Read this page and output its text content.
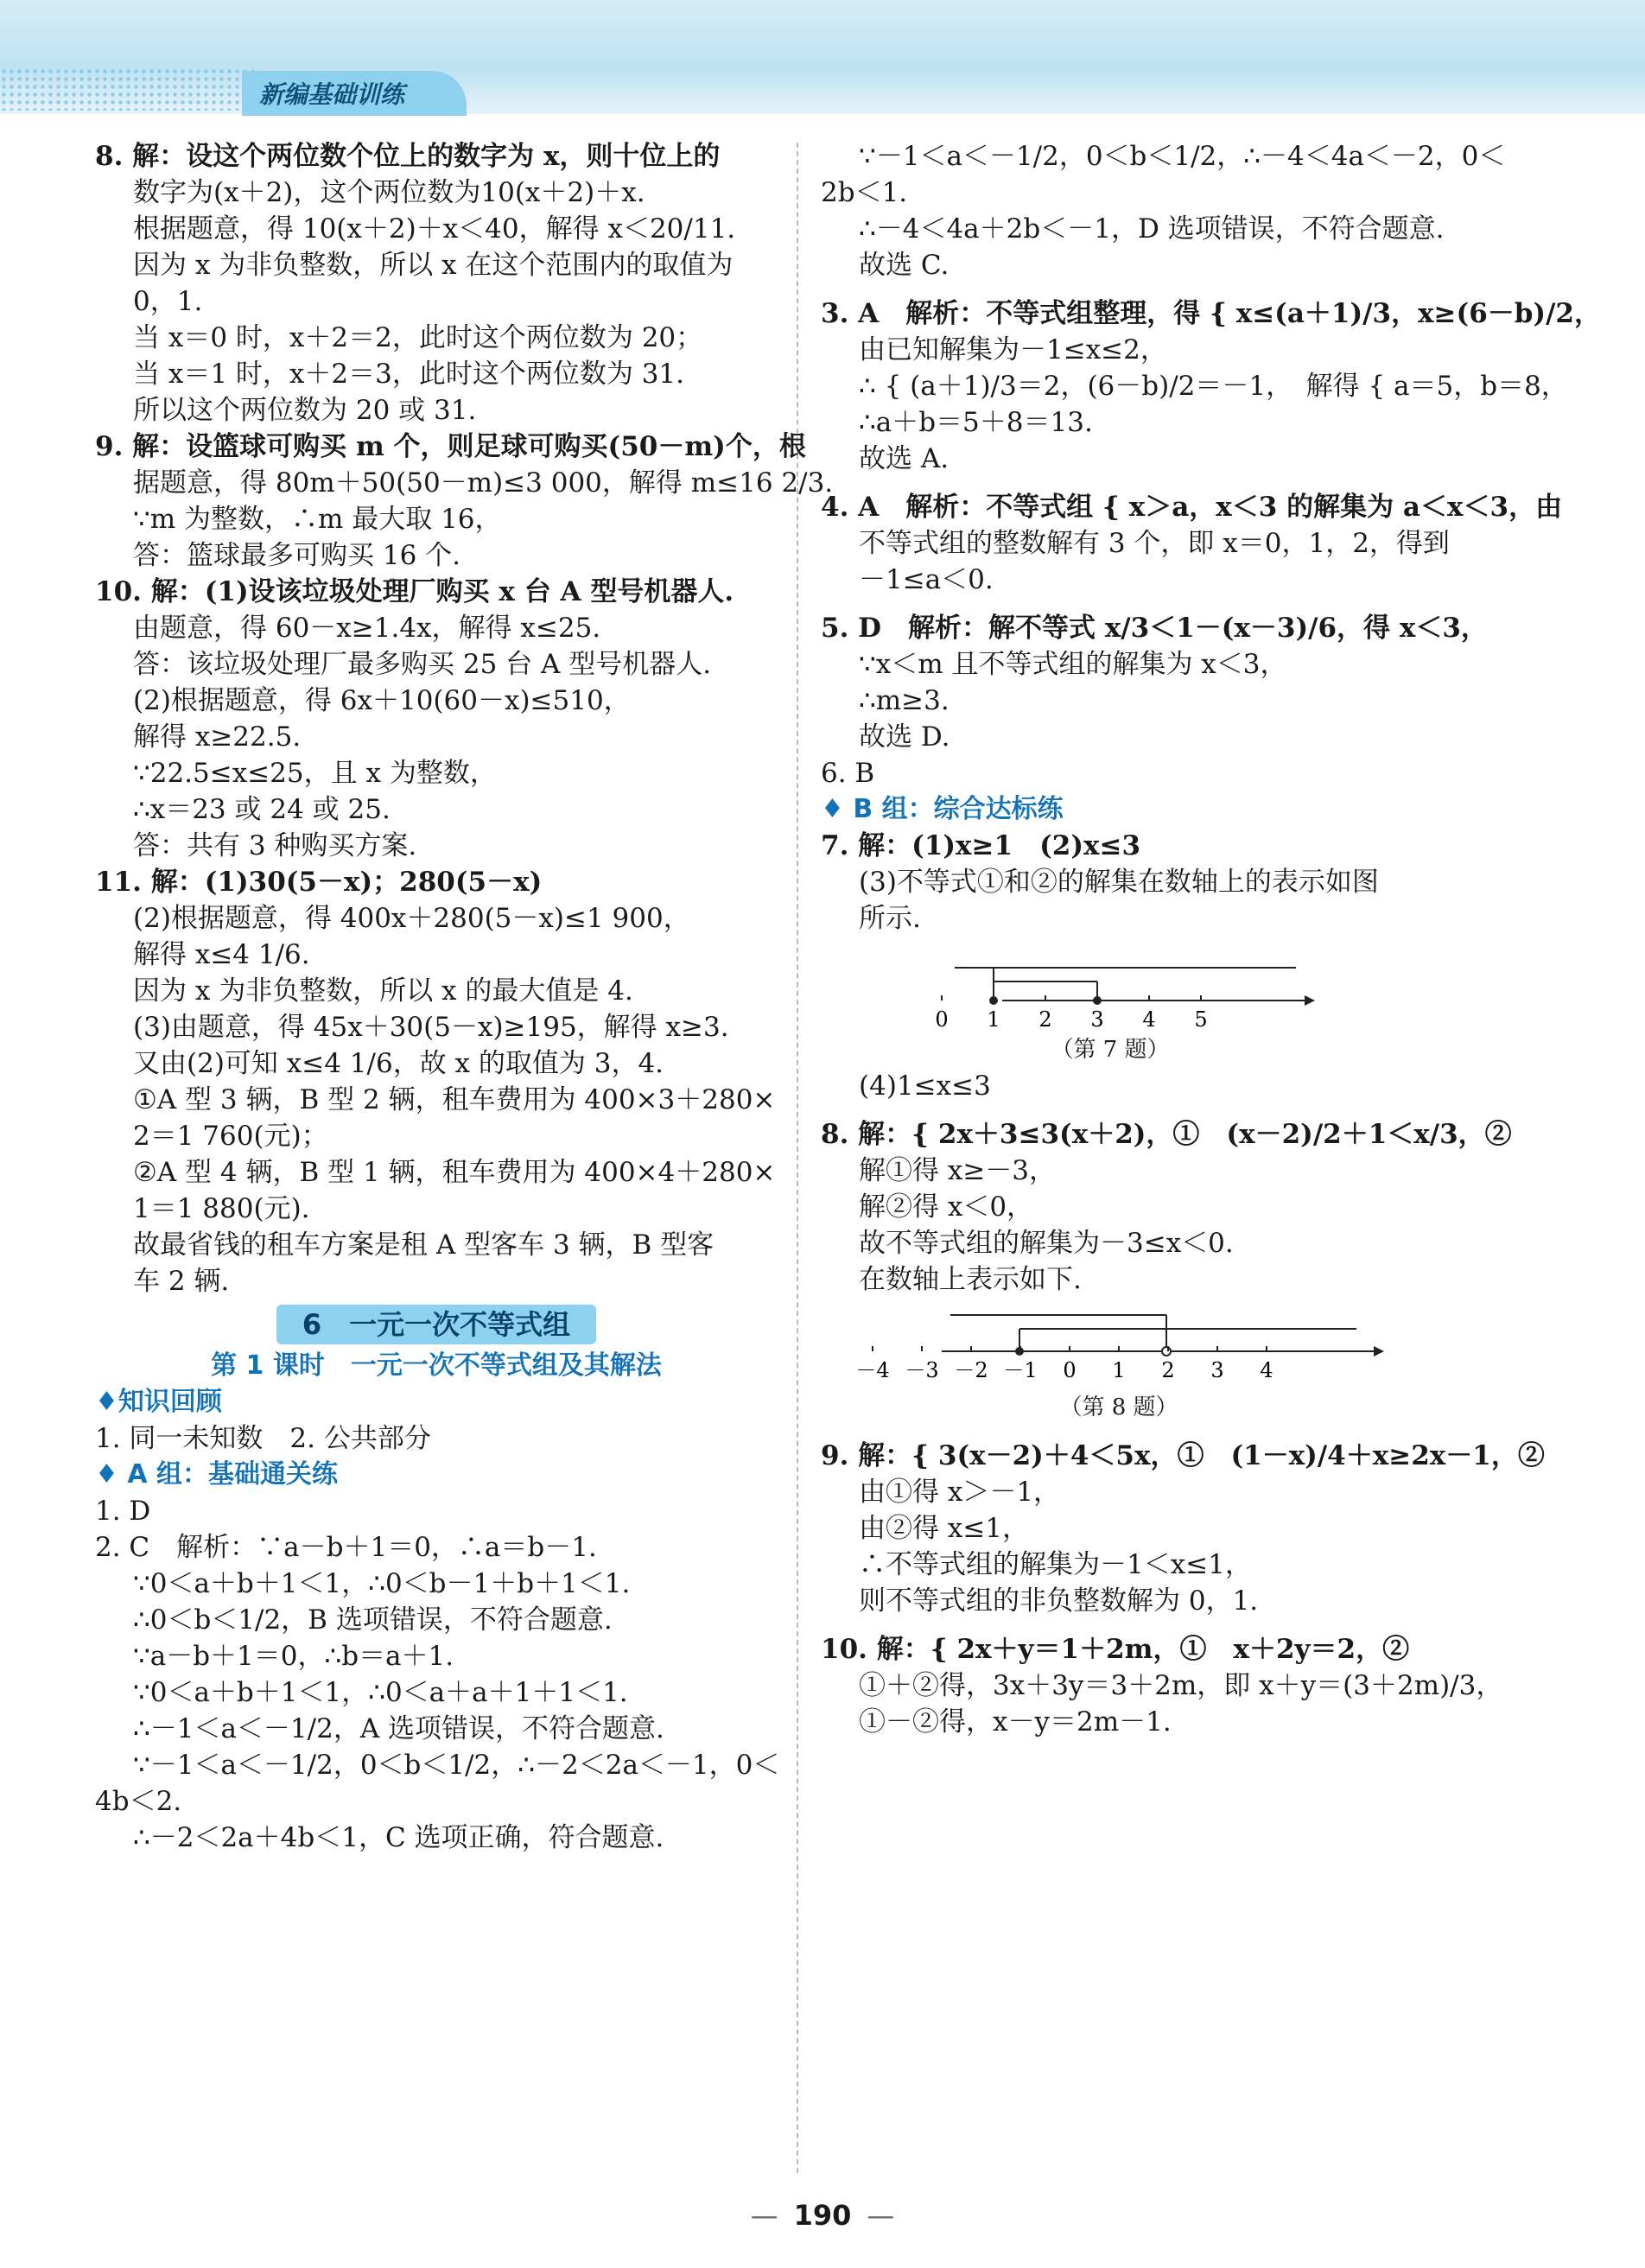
新编基础训练
8. 解：设这个两位数个位上的数字为 x，则十位上的
数字为(x＋2)，这个两位数为10(x＋2)＋x.
根据题意，得 10(x＋2)＋x＜40，解得 x＜20/11.
因为 x 为非负整数，所以 x 在这个范围内的取值为
0，1.
当 x＝0 时，x＋2＝2，此时这个两位数为 20；
当 x＝1 时，x＋2＝3，此时这个两位数为 31.
所以这个两位数为 20 或 31.
9. 解：设篮球可购买 m 个，则足球可购买(50－m)个，根
据题意，得 80m＋50(50－m)≤3 000，解得 m≤16 2/3.
∵m 为整数，∴m 最大取 16，
答：篮球最多可购买 16 个.
10. 解：(1)设该垃圾处理厂购买 x 台 A 型号机器人.
由题意，得 60－x≥1.4x，解得 x≤25.
答：该垃圾处理厂最多购买 25 台 A 型号机器人.
(2)根据题意，得 6x＋10(60－x)≤510，
解得 x≥22.5.
∵22.5≤x≤25，且 x 为整数，
∴x＝23 或 24 或 25.
答：共有 3 种购买方案.
11. 解：(1)30(5－x)；280(5－x)
(2)根据题意，得 400x＋280(5－x)≤1 900，
解得 x≤4 1/6.
因为 x 为非负整数，所以 x 的最大值是 4.
(3)由题意，得 45x＋30(5－x)≥195，解得 x≥3.
又由(2)可知 x≤4 1/6，故 x 的取值为 3，4.
①A 型 3 辆，B 型 2 辆，租车费用为 400×3＋280×
2＝1 760(元)；
②A 型 4 辆，B 型 1 辆，租车费用为 400×4＋280×
1＝1 880(元).
故最省钱的租车方案是租 A 型客车 3 辆，B 型客
车 2 辆.
6　一元一次不等式组
第 1 课时　一元一次不等式组及其解法
♦知识回顾
1. 同一未知数　2. 公共部分
♦ A 组：基础通关练
1. D
2. C　解析：∵a－b＋1＝0，∴a＝b－1.
∵0＜a＋b＋1＜1，∴0＜b－1＋b＋1＜1.
∴0＜b＜1/2，B 选项错误，不符合题意.
∵a－b＋1＝0，∴b＝a＋1.
∵0＜a＋b＋1＜1，∴0＜a＋a＋1＋1＜1.
∴－1＜a＜－1/2，A 选项错误，不符合题意.
∵－1＜a＜－1/2，0＜b＜1/2，∴－2＜2a＜－1，0＜
4b＜2.
∴－2＜2a＋4b＜1，C 选项正确，符合题意.
∵－1＜a＜－1/2，0＜b＜1/2，∴－4＜4a＜－2，0＜
2b＜1.
∴－4＜4a＋2b＜－1，D 选项错误，不符合题意.
故选 C.
3. A　解析：不等式组整理，得 { x≤(a＋1)/3，x≥(6－b)/2，
由已知解集为－1≤x≤2，
∴ { (a＋1)/3＝2，(6－b)/2＝－1，　解得 { a＝5，b＝8，
∴a＋b＝5＋8＝13.
故选 A.
4. A　解析：不等式组 { x＞a，x＜3 的解集为 a＜x＜3，由
不等式组的整数解有 3 个，即 x＝0，1，2，得到
－1≤a＜0.
5. D　解析：解不等式 x/3＜1－(x－3)/6，得 x＜3，
∵x＜m 且不等式组的解集为 x＜3，
∴m≥3.
故选 D.
6. B
♦ B 组：综合达标练
7. 解：(1)x≥1　(2)x≤3
(3)不等式①和②的解集在数轴上的表示如图
所示.
0 1 2 3 4 5
（第 7 题）
(4)1≤x≤3
8. 解：{ 2x＋3≤3(x＋2)，①　(x－2)/2＋1＜x/3，②
解①得 x≥－3，
解②得 x＜0，
故不等式组的解集为－3≤x＜0.
在数轴上表示如下.
－4 －3 －2 －1 0 1 2 3 4
（第 8 题）
9. 解：{ 3(x－2)＋4＜5x，①　(1－x)/4＋x≥2x－1，②
由①得 x＞－1，
由②得 x≤1，
∴不等式组的解集为－1＜x≤1，
则不等式组的非负整数解为 0，1.
10. 解：{ 2x＋y＝1＋2m，①　x＋2y＝2，②
①＋②得，3x＋3y＝3＋2m，即 x＋y＝(3＋2m)/3，
①－②得，x－y＝2m－1.
— 190 —
